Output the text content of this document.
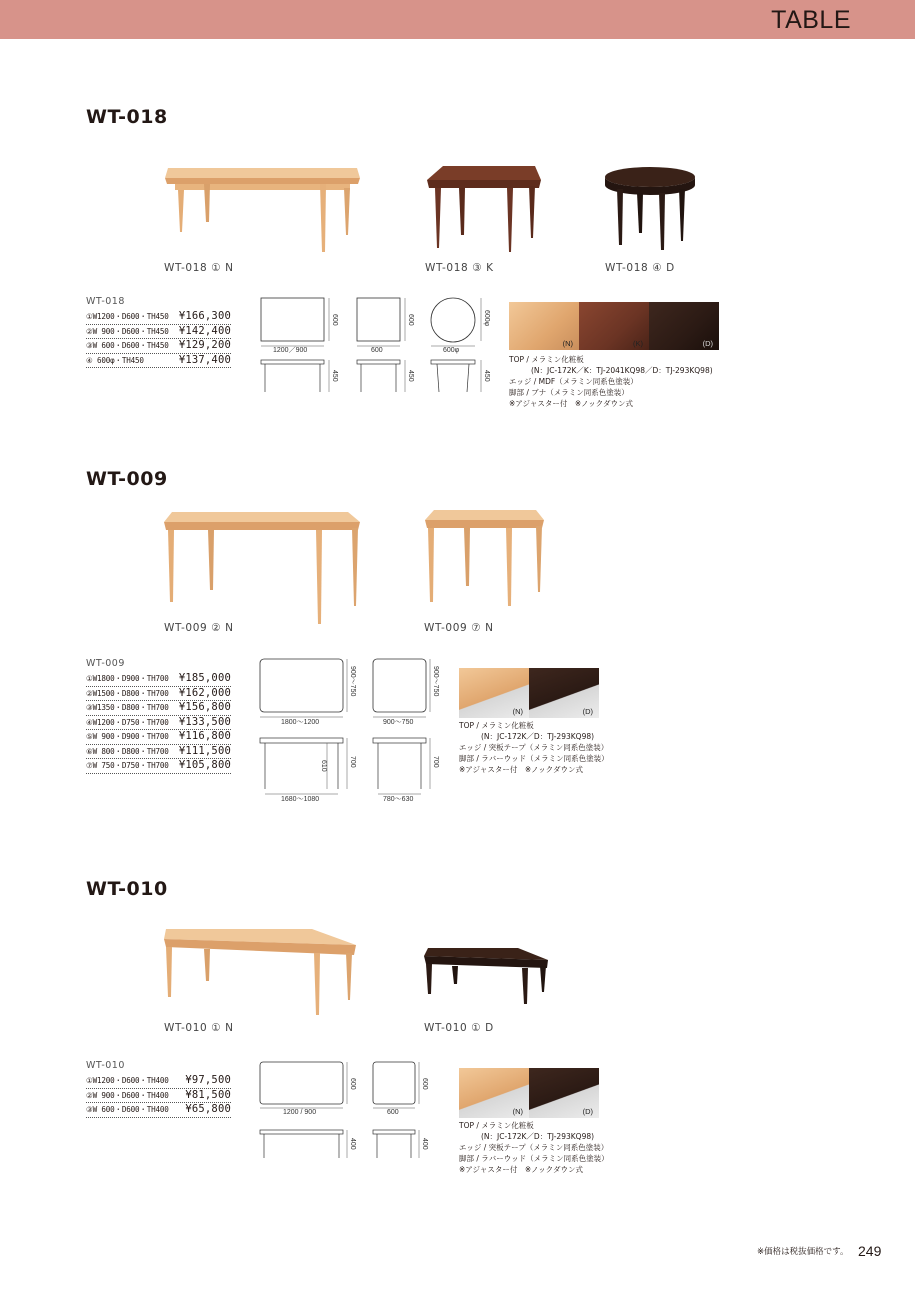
TABLE
WT-018
WT-018 ① N	WT-018 ③ K	WT-018 ④ D
WT-018
①W1200・D600・TH450 ¥166,300
②W 900・D600・TH450 ¥142,400
③W 600・D600・TH450 ¥129,200
④ 600φ・TH450	¥137,400
1200／900
600
600
600
600φ
600φ
450	450	450
(N)	(K)	(D)
TOP / メラミン化粧板
(N：JC-172K／K：TJ-2041KQ98／D：TJ-293KQ98)
エッジ / MDF（メラミン同系色塗装）
脚部 / ブナ（メラミン同系色塗装）
※アジャスター付　※ノックダウン式
WT-009
WT-009 ② N	WT-009 ⑦ N
WT-009
①W1800・D900・TH700 ¥185,000
②W1500・D800・TH700 ¥162,000
③W1350・D800・TH700 ¥156,800
④W1200・D750・TH700 ¥133,500
⑤W 900・D900・TH700 ¥116,800
⑥W 800・D800・TH700 ¥111,500
⑦W 750・D750・TH700 ¥105,800
1800〜1200
900〜750
900〜750
900〜750
1680〜1080
610	700
780〜630
700
(N)	(D)
TOP / メラミン化粧板
(N：JC-172K／D：TJ-293KQ98)
エッジ / 突板テープ（メラミン同系色塗装）
脚部 / ラバーウッド（メラミン同系色塗装）
※アジャスター付　※ノックダウン式
WT-010
WT-010 ① N	WT-010 ① D
WT-010
①W1200・D600・TH400 ¥97,500
②W 900・D600・TH400 ¥81,500
③W 600・D600・TH400 ¥65,800	1200 / 900
600
600
600
400	400
(N)	(D)
TOP / メラミン化粧板
(N：JC-172K／D：TJ-293KQ98)
エッジ / 突板テープ（メラミン同系色塗装）
脚部 / ラバーウッド（メラミン同系色塗装）
※アジャスター付　※ノックダウン式
※価格は税抜価格です。 249
